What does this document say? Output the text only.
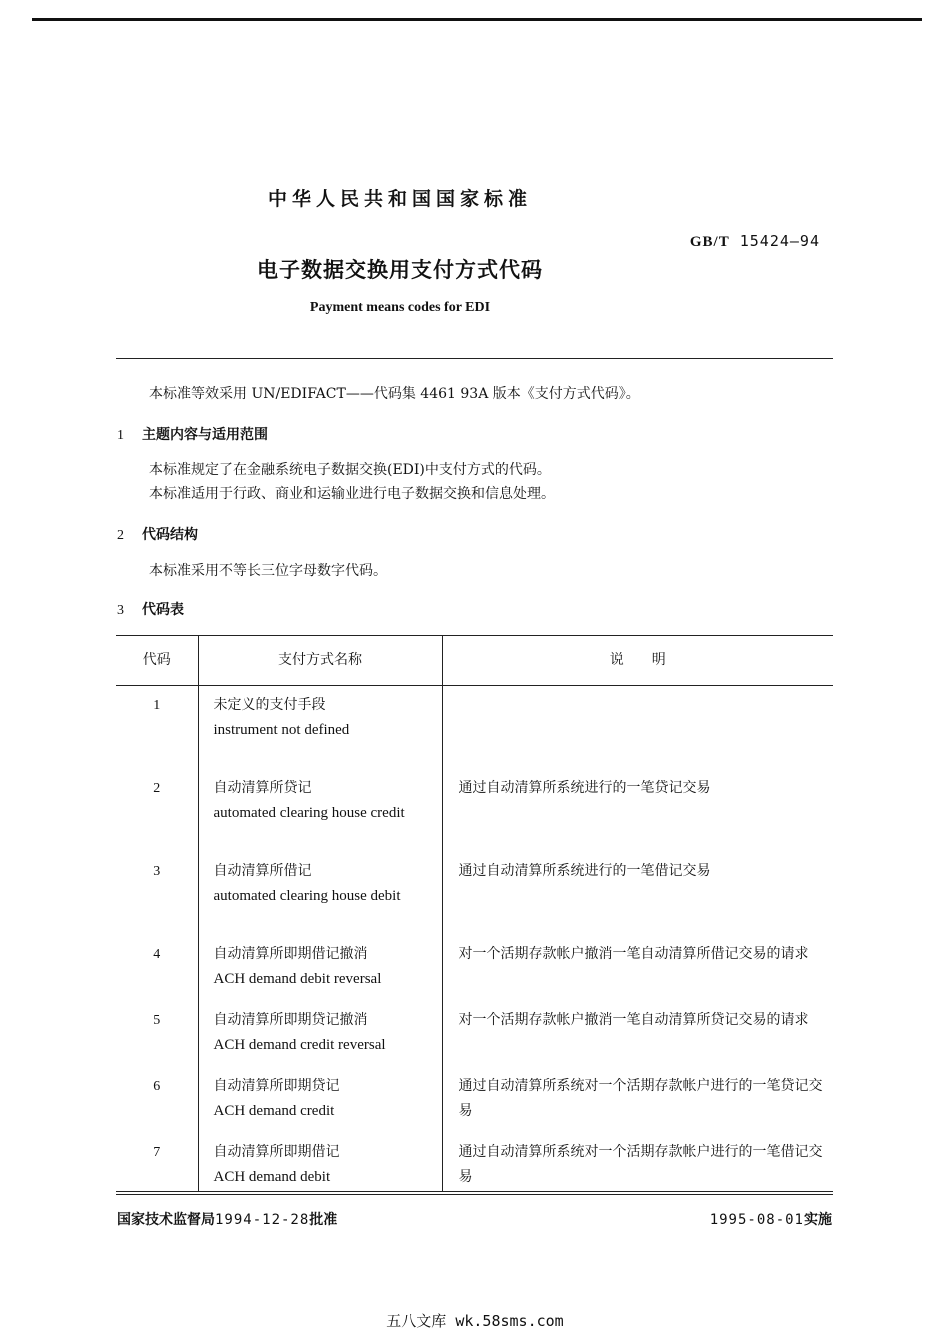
中华人民共和国国家标准
GB/T 15424—94
电子数据交换用支付方式代码
Payment means codes for EDI
本标准等效采用 UN/EDIFACT——代码集 4461 93A 版本《支付方式代码》。
1 主题内容与适用范围
本标准规定了在金融系统电子数据交换(EDI)中支付方式的代码。
本标准适用于行政、商业和运输业进行电子数据交换和信息处理。
2 代码结构
本标准采用不等长三位字母数字代码。
3 代码表
代码	支付方式名称	说　　明
1	未定义的支付手段
instrument not defined	

2	自动清算所贷记
automated clearing house credit	通过自动清算所系统进行的一笔贷记交易
3	自动清算所借记
automated clearing house debit	通过自动清算所系统进行的一笔借记交易
4	自动清算所即期借记撤消
ACH demand debit reversal	对一个活期存款帐户撤消一笔自动清算所借记交易的请求
5	自动清算所即期贷记撤消
ACH demand credit reversal	对一个活期存款帐户撤消一笔自动清算所贷记交易的请求
6	自动清算所即期贷记
ACH demand credit	通过自动清算所系统对一个活期存款帐户进行的一笔贷记交易
7	自动清算所即期借记
ACH demand debit	通过自动清算所系统对一个活期存款帐户进行的一笔借记交易
国家技术监督局1994-12-28批准	1995-08-01实施
五八文库 wk.58sms.com
